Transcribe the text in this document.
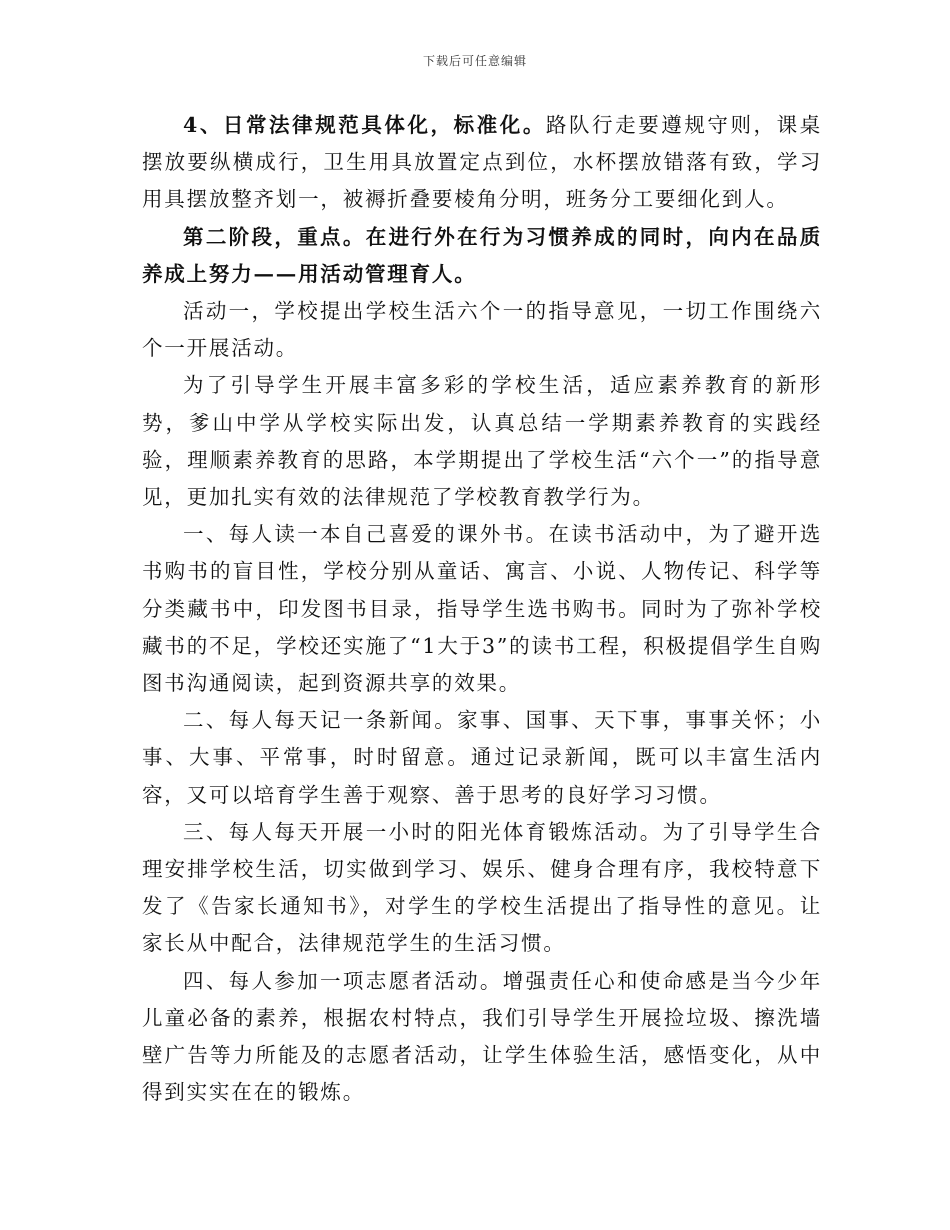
下载后可任意编辑

4、日常法律规范具体化，标准化。路队行走要遵规守则，课桌摆放要纵横成行，卫生用具放置定点到位，水杯摆放错落有致，学习用具摆放整齐划一，被褥折叠要棱角分明，班务分工要细化到人。

第二阶段，重点。在进行外在行为习惯养成的同时，向内在品质养成上努力——用活动管理育人。

活动一，学校提出学校生活六个一的指导意见，一切工作围绕六个一开展活动。

为了引导学生开展丰富多彩的学校生活，适应素养教育的新形势，爹山中学从学校实际出发，认真总结一学期素养教育的实践经验，理顺素养教育的思路，本学期提出了学校生活“六个一”的指导意见，更加扎实有效的法律规范了学校教育教学行为。

一、每人读一本自己喜爱的课外书。在读书活动中，为了避开选书购书的盲目性，学校分别从童话、寓言、小说、人物传记、科学等分类藏书中，印发图书目录，指导学生选书购书。同时为了弥补学校藏书的不足，学校还实施了“1大于3”的读书工程，积极提倡学生自购图书沟通阅读，起到资源共享的效果。

二、每人每天记一条新闻。家事、国事、天下事，事事关怀；小事、大事、平常事，时时留意。通过记录新闻，既可以丰富生活内容，又可以培育学生善于观察、善于思考的良好学习习惯。

三、每人每天开展一小时的阳光体育锻炼活动。为了引导学生合理安排学校生活，切实做到学习、娱乐、健身合理有序，我校特意下发了《告家长通知书》，对学生的学校生活提出了指导性的意见。让家长从中配合，法律规范学生的生活习惯。

四、每人参加一项志愿者活动。增强责任心和使命感是当今少年儿童必备的素养，根据农村特点，我们引导学生开展捡垃圾、擦洗墙壁广告等力所能及的志愿者活动，让学生体验生活，感悟变化，从中得到实实在在的锻炼。
